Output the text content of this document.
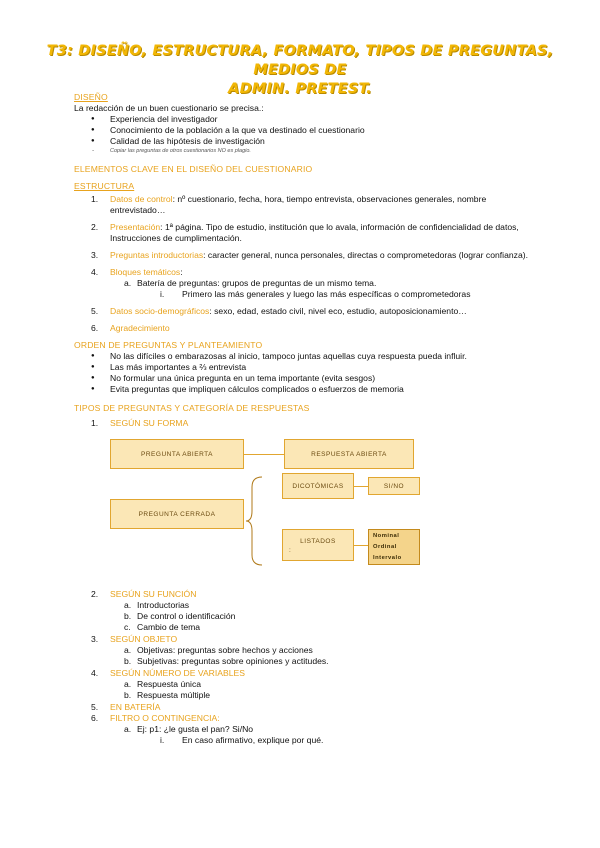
T3: DISEÑO, ESTRUCTURA, FORMATO, TIPOS DE PREGUNTAS, MEDIOS DE
ADMIN. PRETEST.
DISEÑO
La redacción de un buen cuestionario se precisa.:
● Experiencia del investigador
● Conocimiento de la población a la que va destinado el cuestionario
● Calidad de las hipótesis de investigación
- Copiar las preguntas de otros cuestionarios NO es plagio.
ELEMENTOS CLAVE EN EL DISEÑO DEL CUESTIONARIO
ESTRUCTURA
1. Datos de control: nº cuestionario, fecha, hora, tiempo entrevista, observaciones generales, nombre entrevistado…
2. Presentación: 1ª página. Tipo de estudio, institución que lo avala, información de confidencialidad de datos, Instrucciones de cumplimentación.
3. Preguntas introductorias: caracter general, nunca personales, directas o comprometedoras (lograr confianza).
4. Bloques temáticos:
a. Batería de preguntas: grupos de preguntas de un mismo tema.
i. Primero las más generales y luego las más específicas o comprometedoras
5. Datos socio-demográficos: sexo, edad, estado civil, nivel eco, estudio, autoposicionamiento…
6. Agradecimiento
ORDEN DE PREGUNTAS Y PLANTEAMIENTO
● No las difíciles o embarazosas al inicio, tampoco juntas aquellas cuya respuesta pueda influir.
● Las más importantes a ⅔ entrevista
● No formular una única pregunta en un tema importante (evita sesgos)
● Evita preguntas que impliquen cálculos complicados o esfuerzos de memoria
TIPOS DE PREGUNTAS Y CATEGORÍA DE RESPUESTAS
1. SEGÚN SU FORMA
PREGUNTA ABIERTA	RESPUESTA ABIERTA
PREGUNTA CERRADA
DICOTÓMICAS	SI/NO
LISTADOS
:
Nominal
Ordinal
Intervalo
2. SEGÚN SU FUNCIÓN
a. Introductorias
b. De control o identificación
c. Cambio de tema
3. SEGÚN OBJETO
a. Objetivas: preguntas sobre hechos y acciones
b. Subjetivas: preguntas sobre opiniones y actitudes.
4. SEGÚN NÚMERO DE VARIABLES
a. Respuesta única
b. Respuesta múltiple
5. EN BATERÍA
6. FILTRO O CONTINGENCIA:
a. Ej: p1: ¿le gusta el pan? Si/No
i. En caso afirmativo, explique por qué.
